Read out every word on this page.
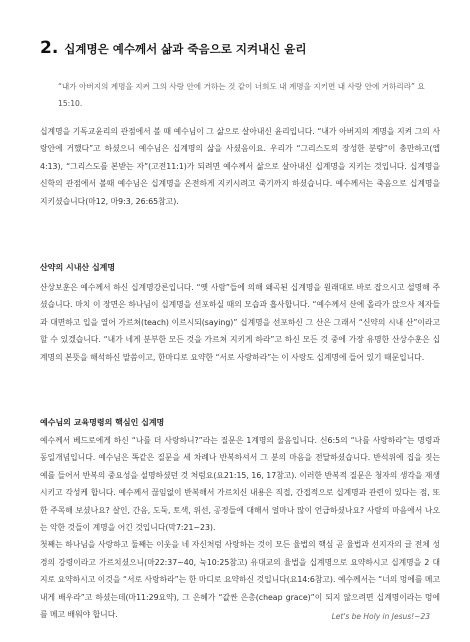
2. 십계명은 예수께서 삶과 죽음으로 지켜내신 윤리
“내가 아버지의 계명을 지켜 그의 사랑 안에 거하는 것 같이 너희도 내 계명을 지키면 내 사랑 안에 거하리라” 요15:10.
십계명을 기독교윤리의 관점에서 볼 때 예수님이 그 삶으로 살아내신 윤리입니다. “내가 아버지의 계명을 지켜 그의 사랑안에 거했다”고 하셨으니 예수님은 십계명의 삶을 사셨음이요. 우리가 “그리스도의 장성한 분량”이 충만하고(엡4:13), “그리스도를 본받는 자”(고전11:1)가 되려면 예수께서 삶으로 살아내신 십계명을 지키는 것입니다. 십계명을 신학의 관점에서 볼때 예수님은 십계명을 온전하게 지키시려고 죽기까지 하셨습니다. 예수께서는 죽음으로 십계명을 지키셨습니다(마12, 마9:3, 26:65참고).
산약의 시내산 십계명
산상보훈은 예수께서 하신 십계명강론입니다. “옛 사람”들에 의해 왜곡된 십계명을 원래대로 바로 잡으시고 설명해 주셨습니다. 마치 이 장면은 하나님이 십계명을 선포하실 때의 모습과 흡사합니다. “예수께서 산에 올라가 앉으사 제자들과 대면하고 입을 열어 가르쳐(teach) 이르시되(saying)” 십계명을 선포하신 그 산은 그래서 “신약의 시내 산”이라고 할 수 있겠습니다. “내가 네게 분부한 모든 것을 가르쳐 지키게 하라”고 하신 모든 것 중에 가장 유명한 산상수훈은 십계명의 본뜻을 해석하신 말씀이고, 한마디로 요약한 “서로 사랑하라”는 이 사랑도 십계명에 들어 있기 때문입니다.
예수님의 교육명령의 핵심인 십계명
예수께서 베드로에게 하신 “나를 더 사랑하니?”라는 질문은 1계명의 물음입니다. 신6:5의 “나를 사랑하라”는 명령과 동일개념입니다. 예수님은 똑같은 질문을 세 차례나 반복하셔서 그 분의 마음을 전달하셨습니다. 반석위에 집을 짓는 예를 들어서 반복의 중요성을 설명하셨던 것 처럼요(요21:15, 16, 17참고). 이러한 반복적 질문은 청자의 생각을 재생시키고 각성케 합니다. 예수께서 끊임없이 반복해서 가르치신 내용은 직접, 간접적으로 십계명과 관련이 있다는 점, 또한 주목해 보셨나요? 살인, 간음, 도둑, 토색, 위선, 공정들에 대해서 얼마나 많이 언급하셨나요? 사람의 마음에서 나오는 악한 것들이 계명을 어긴 것입니다(막7:21~23).
첫째는 하나님을 사랑하고 둘째는 이웃을 네 자신처럼 사랑하는 것이 모든 율법의 핵심 곧 율법과 선지자의 글 전체 성경의 강령이라고 가르치셨으니(마22:37~40, 눅10:25참고) 유대교의 율법을 십계명으로 요약하시고 십계명을 2 대지로 요약하시고 이것을 “서로 사랑하라”는 한 마디로 요약하신 것입니다(요14:6참고). 예수께서는 “너의 멍에를 메고 내게 배우라”고 하셨는데(마11:29요약), 그 은혜가 “값싼 은총(cheap grace)”이 되지 않으려면 십계명이라는 멍에를 메고 배워야 합니다.	Let's be Holy in Jesus!~23
